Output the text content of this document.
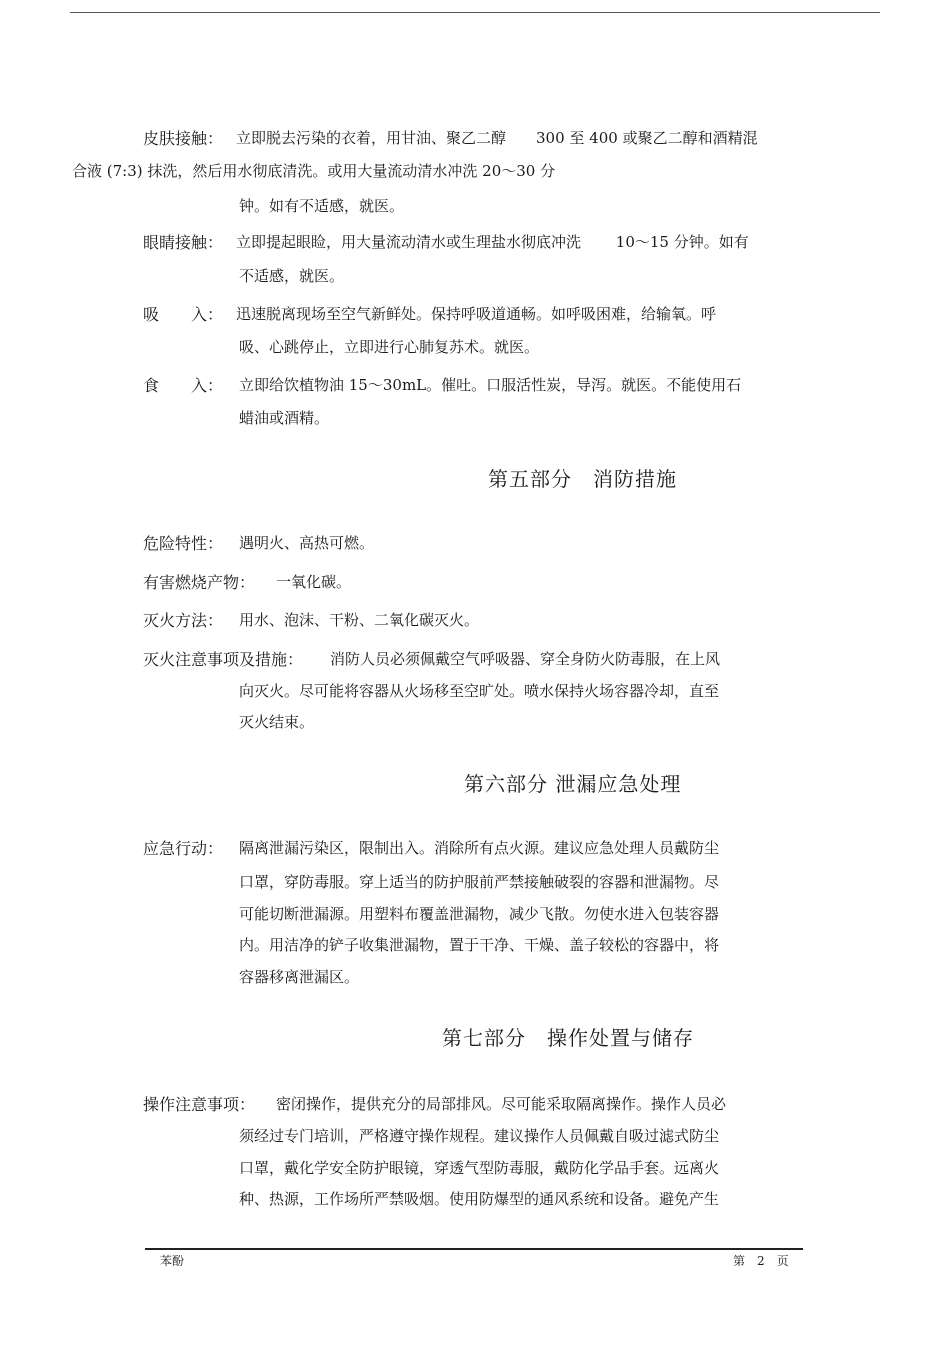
皮肤接触： 立即脱去污染的衣着，用甘油、聚乙二醇　　300 至 400 或聚乙二醇和酒精混
合液 (7:3) 抹洗，然后用水彻底清洗。或用大量流动清水冲洗 20～30 分
钟。如有不适感，就医。
眼睛接触： 立即提起眼睑，用大量流动清水或生理盐水彻底冲洗　　 10～15 分钟。如有
不适感，就医。
吸　　入： 迅速脱离现场至空气新鲜处。保持呼吸道通畅。如呼吸困难，给输氧。呼
吸、心跳停止，立即进行心肺复苏术。就医。
食　　入： 立即给饮植物油 15～30mL。催吐。口服活性炭，导泻。就医。不能使用石
蜡油或酒精。
第五部分　消防措施
危险特性： 遇明火、高热可燃。
有害燃烧产物： 一氧化碳。
灭火方法： 用水、泡沫、干粉、二氧化碳灭火。
灭火注意事项及措施： 消防人员必须佩戴空气呼吸器、穿全身防火防毒服，在上风
向灭火。尽可能将容器从火场移至空旷处。喷水保持火场容器冷却，直至
灭火结束。
第六部分 泄漏应急处理
应急行动： 隔离泄漏污染区，限制出入。消除所有点火源。建议应急处理人员戴防尘
口罩，穿防毒服。穿上适当的防护服前严禁接触破裂的容器和泄漏物。尽
可能切断泄漏源。用塑料布覆盖泄漏物，减少飞散。勿使水进入包装容器
内。用洁净的铲子收集泄漏物，置于干净、干燥、盖子较松的容器中，将
容器移离泄漏区。
第七部分　操作处置与储存
操作注意事项： 密闭操作，提供充分的局部排风。尽可能采取隔离操作。操作人员必
须经过专门培训，严格遵守操作规程。建议操作人员佩戴自吸过滤式防尘
口罩，戴化学安全防护眼镜，穿透气型防毒服，戴防化学品手套。远离火
种、热源，工作场所严禁吸烟。使用防爆型的通风系统和设备。避免产生
苯酚	第　2　页
